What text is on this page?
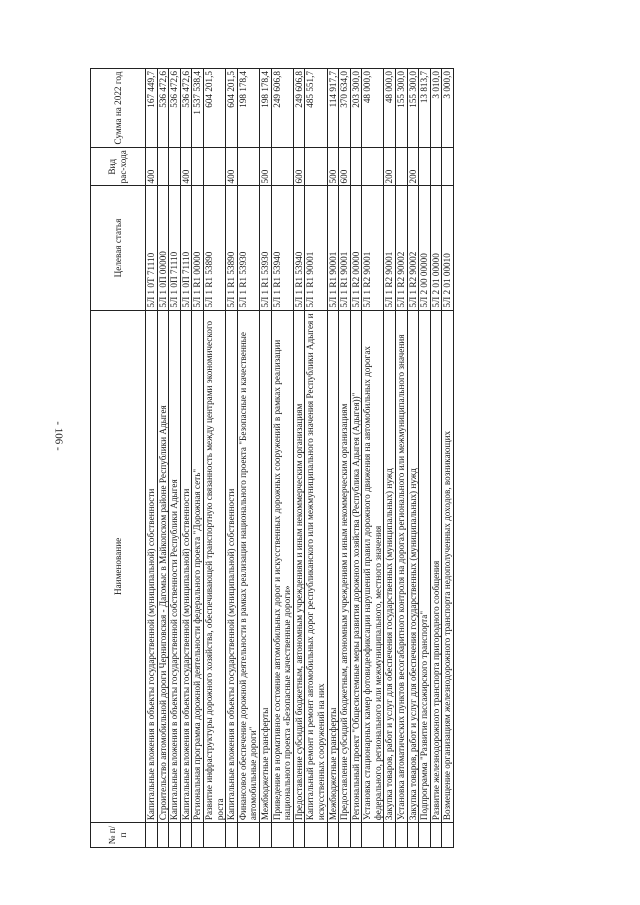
- 106 -
№ п/п	Наименование	Целевая статья	Вид рас-хода	Сумма на 2022 год
	Капитальные вложения в объекты государственной (муниципальной) собственности	5Л 1 0Т 71110	400	167 449,7
	Строительство автомобильной дороги Черниговская - Дагомыс в Майкопском районе Республики Адыгея	5Л 1 0П 00000		536 472,6
	Капитальные вложения в объекты государственной собственности Республики Адыгея	5Л 1 0П 71110		536 472,6
	Капитальные вложения в объекты государственной (муниципальной) собственности	5Л 1 0П 71110	400	536 472,6
	Региональная программа дорожной деятельности федерального проекта "Дорожная сеть"	5Л 1 R1 00000		1 537 538,4
	Развитие инфраструктуры дорожного хозяйства, обеспечивающей транспортную связанность между центрами экономического роста	5Л 1 R1 53890		604 201,5
	Капитальные вложения в объекты государственной (муниципальной) собственности	5Л 1 R1 53890	400	604 201,5
	Финансовое обеспечение дорожной деятельности в рамках реализации национального проекта "Безопасные и качественные автомобильные дороги"	5Л 1 R1 53930		198 178,4
	Межбюджетные трансферты	5Л 1 R1 53930	500	198 178,4
	Приведение в нормативное состояние автомобильных дорог и искусственных дорожных сооружений в рамках реализации национального проекта «Безопасные качественные дороги»	5Л 1 R1 53940		249 606,8
	Предоставление субсидий бюджетным, автономным учреждениям и иным некоммерческим организациям	5Л 1 R1 53940	600	249 606,8
	Капитальный ремонт и ремонт автомобильных дорог республиканского или межмуниципального значения Республики Адыгея и искусственных сооружений на них	5Л 1 R1 90001		485 551,7
	Межбюджетные трансферты	5Л 1 R1 90001	500	114 917,7
	Предоставление субсидий бюджетным, автономным учреждениям и иным некоммерческим организациям	5Л 1 R1 90001	600	370 634,0
	Региональный проект "Общесистемные меры развития дорожного хозяйства (Республика Адыгея (Адыгея))"	5Л 1 R2 00000		203 300,0
	Установка стационарных камер фотовидеофиксации нарушений правил дорожного движения на автомобильных дорогах федерального, регионального или межмуниципального, местного значения	5Л 1 R2 90001		48 000,0
	Закупка товаров, работ и услуг для обеспечения государственных (муниципальных) нужд	5Л 1 R2 90001	200	48 000,0
	Установка автоматических пунктов весогабаритного контроля на дорогах регионального или межмуниципального значения	5Л 1 R2 90002		155 300,0
	Закупка товаров, работ и услуг для обеспечения государственных (муниципальных) нужд	5Л 1 R2 90002	200	155 300,0
	Подпрограмма "Развитие пассажирского транспорта"	5Л 2 00 00000		13 813,7
	Развитие железнодорожного транспорта пригородного сообщения	5Л 2 01 00000		3 010,0
	Возмещение организациям железнодорожного транспорта недополученных доходов, возникающих	5Л 2 01 00010		3 000,0
